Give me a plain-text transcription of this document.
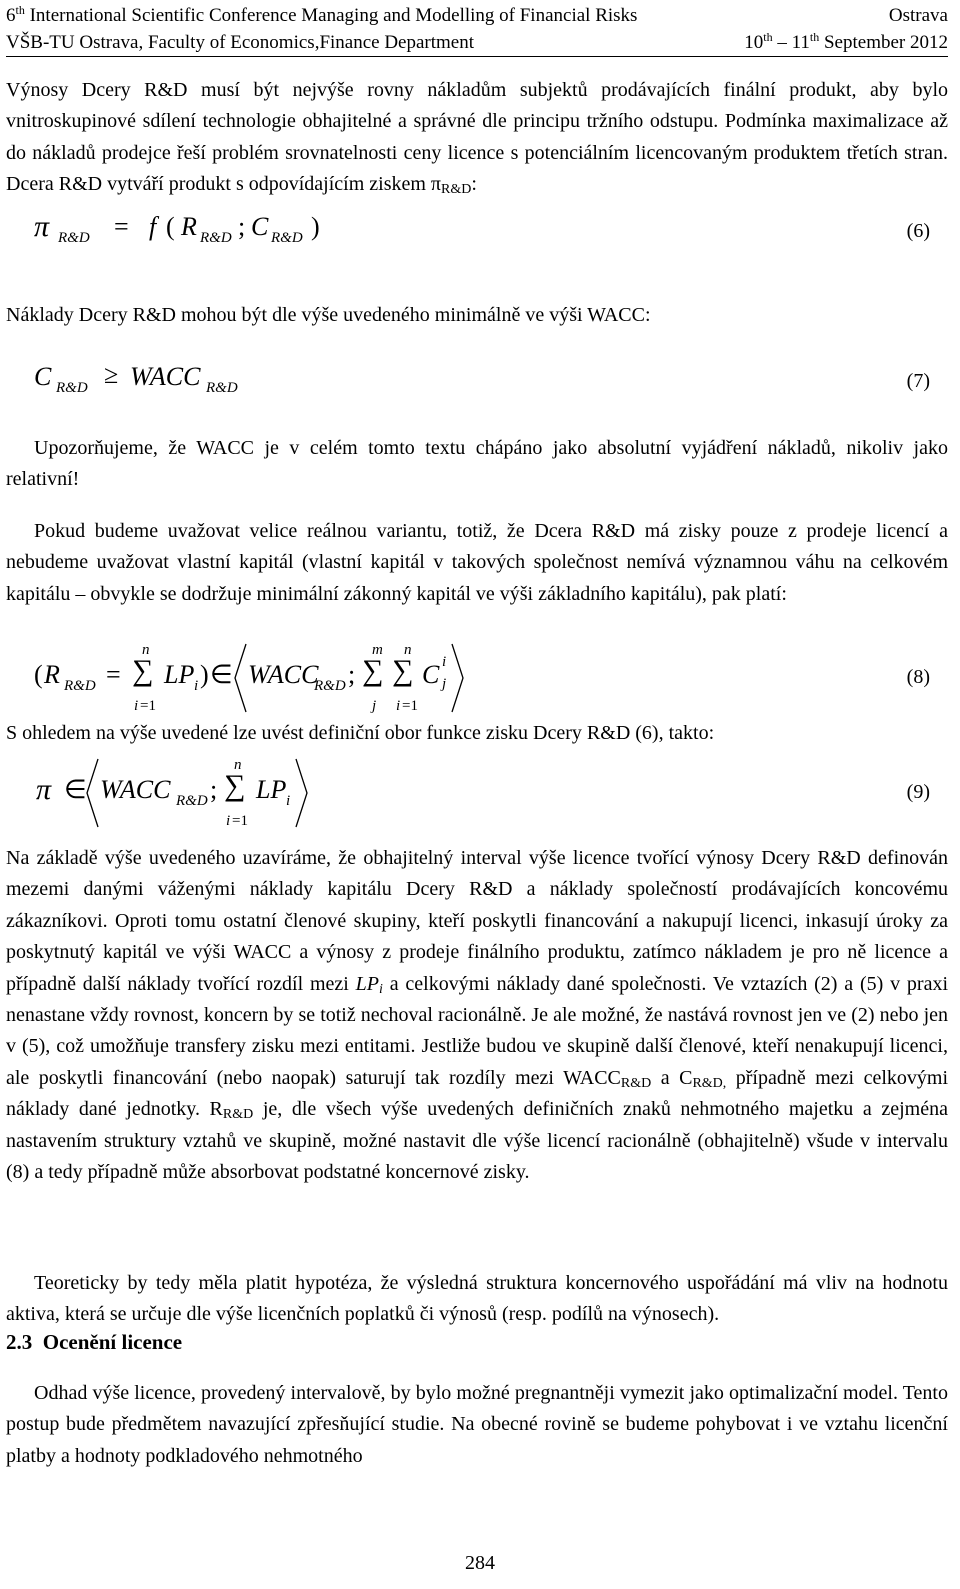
6th International Scientific Conference Managing and Modelling of Financial Risks	Ostrava
VŠB-TU Ostrava, Faculty of Economics,Finance Department	10th – 11th September 2012

Výnosy Dcery R&D musí být nejvýše rovny nákladům subjektů prodávajících finální produkt, aby bylo vnitroskupinové sdílení technologie obhajitelné a správné dle principu tržního odstupu. Podmínka maximalizace až do nákladů prodejce řeší problém srovnatelnosti ceny licence s potenciálním licencovaným produktem třetích stran. Dcera R&D vytváří produkt s odpovídajícím ziskem $\pi_{R\&D}$:

π R&D = f ( R R&D ; C R&D )	(6)

Náklady Dcery R&D mohou být dle výše uvedeného minimálně ve výši WACC:

C R&D ≥ WACC R&D	(7)

Upozorňujeme, že WACC je v celém tomto textu chápáno jako absolutní vyjádření nákladů, nikoliv jako relativní!

Pokud budeme uvažovat velice reálnou variantu, totiž, že Dcera R&D má zisky pouze z prodeje licencí a nebudeme uvažovat vlastní kapitál (vlastní kapitál v takových společnost nemívá významnou váhu na celkovém kapitálu – obvykle se dodržuje minimální zákonný kapitál ve výši základního kapitálu), pak platí:

( R R&D =
n
∑
i =1
LP i ) ∈ WACC
R&D ;
m
∑
j
n
∑
i =1
C i
j	(8)

S ohledem na výše uvedené lze uvést definiční obor funkce zisku Dcery R&D (6), takto:

π ∈ WACC R&D ;
n
∑
i =1
LP i	(9)

Na základě výše uvedeného uzavíráme, že obhajitelný interval výše licence tvořící výnosy Dcery R&D definován mezemi danými váženými náklady kapitálu Dcery R&D a náklady společností prodávajících koncovému zákazníkovi. Oproti tomu ostatní členové skupiny, kteří poskytli financování a nakupují licenci, inkasují úroky za poskytnutý kapitál ve výši WACC a výnosy z prodeje finálního produktu, zatímco nákladem je pro ně licence a případně další náklady tvořící rozdíl mezi $LP_i$ a celkovými náklady dané společnosti. Ve vztazích (2) a (5) v praxi nenastane vždy rovnost, koncern by se totiž nechoval racionálně. Je ale možné, že nastává rovnost jen ve (2) nebo jen v (5), což umožňuje transfery zisku mezi entitami. Jestliže budou ve skupině další členové, kteří nenakupují licenci, ale poskytli financování (nebo naopak) saturují tak rozdíly mezi $WACC_{R\&D}$ a $C_{R\&D,}$ případně mezi celkovými náklady dané jednotky. $R_{R\&D}$ je, dle všech výše uvedených definičních znaků nehmotného majetku a zejména nastavením struktury vztahů ve skupině, možné nastavit dle výše licencí racionálně (obhajitelně) všude v intervalu (8) a tedy případně může absorbovat podstatné koncernové zisky.

Teoreticky by tedy měla platit hypotéza, že výsledná struktura koncernového uspořádání má vliv na hodnotu aktiva, která se určuje dle výše licenčních poplatků či výnosů (resp. podílů na výnosech).

2.3 Ocenění licence

Odhad výše licence, provedený intervalově, by bylo možné pregnantněji vymezit jako optimalizační model. Tento postup bude předmětem navazující zpřesňující studie. Na obecné rovině se budeme pohybovat i ve vztahu licenční platby a hodnoty podkladového nehmotného

284
